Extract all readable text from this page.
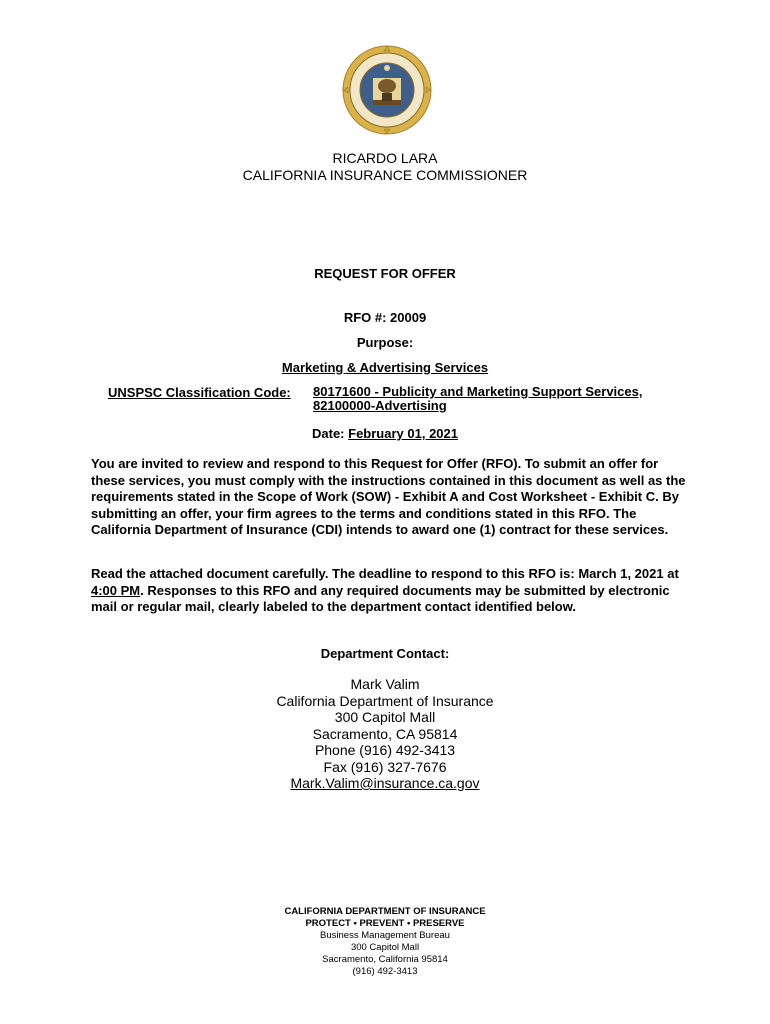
RICARDO LARA
CALIFORNIA INSURANCE COMMISSIONER
REQUEST FOR OFFER
RFO #: 20009
Purpose:
Marketing & Advertising Services
UNSPSC Classification Code: 80171600 - Publicity and Marketing Support Services,
82100000-Advertising
Date: February 01, 2021
You are invited to review and respond to this Request for Offer (RFO). To submit an offer for these services, you must comply with the instructions contained in this document as well as the requirements stated in the Scope of Work (SOW) - Exhibit A and Cost Worksheet - Exhibit C. By submitting an offer, your firm agrees to the terms and conditions stated in this RFO. The California Department of Insurance (CDI) intends to award one (1) contract for these services.
Read the attached document carefully. The deadline to respond to this RFO is: March 1, 2021 at 4:00 PM. Responses to this RFO and any required documents may be submitted by electronic mail or regular mail, clearly labeled to the department contact identified below.
Department Contact:
Mark Valim
California Department of Insurance
300 Capitol Mall
Sacramento, CA 95814
Phone (916) 492-3413
Fax (916) 327-7676
Mark.Valim@insurance.ca.gov
CALIFORNIA DEPARTMENT OF INSURANCE
PROTECT • PREVENT • PRESERVE
Business Management Bureau
300 Capitol Mall
Sacramento, California 95814
(916) 492-3413
